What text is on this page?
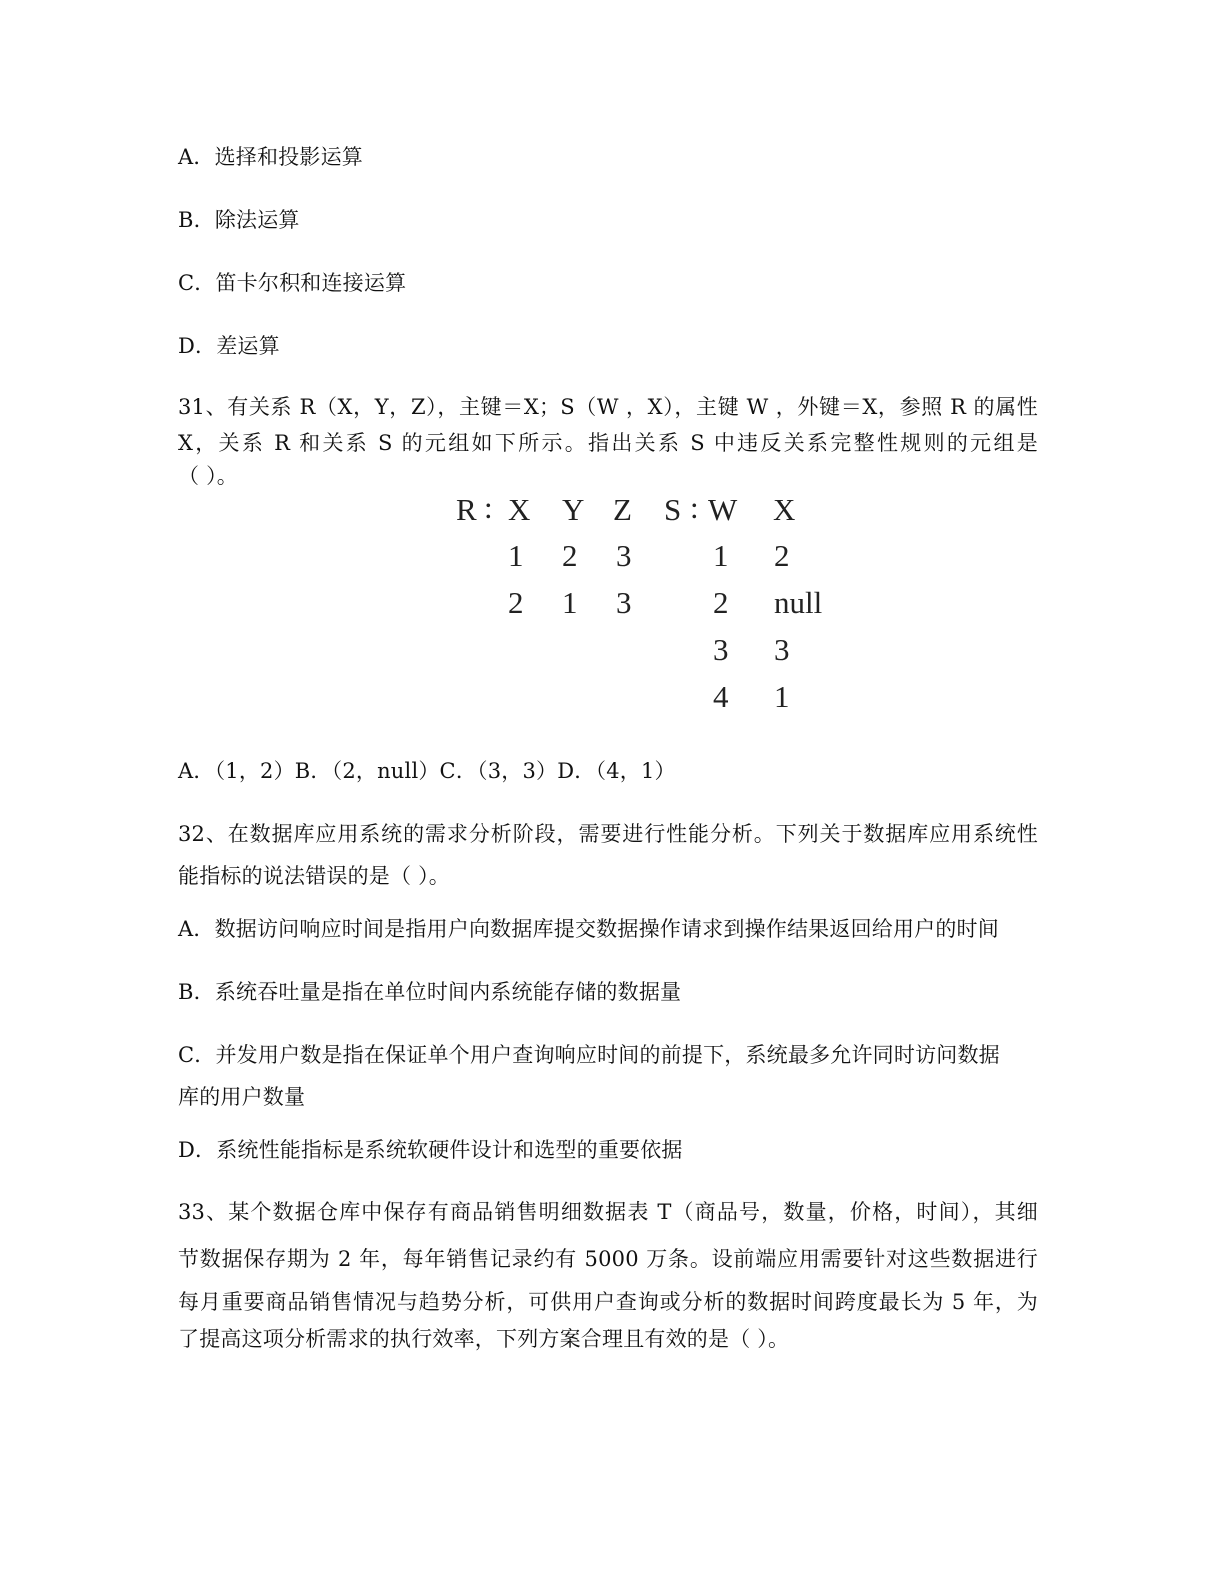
A．选择和投影运算
B．除法运算
C．笛卡尔积和连接运算
D．差运算
31、有关系 R（X，Y，Z），主键＝X；S（W ，X），主键 W ，外键＝X，参照 R 的属性
X，关系 R 和关系 S 的元组如下所示。指出关系 S 中违反关系完整性规则的元组是
（ ）。
R : X Y Z S : W X
1 2 3
2 1 3
1 2
2 null
3 3
4 1
A．（1，2）B．（2，null）C．（3，3）D．（4，1）
32、在数据库应用系统的需求分析阶段，需要进行性能分析。下列关于数据库应用系统性
能指标的说法错误的是（ ）。
A．数据访问响应时间是指用户向数据库提交数据操作请求到操作结果返回给用户的时间
B．系统吞吐量是指在单位时间内系统能存储的数据量
C．并发用户数是指在保证单个用户查询响应时间的前提下，系统最多允许同时访问数据
库的用户数量
D．系统性能指标是系统软硬件设计和选型的重要依据
33、某个数据仓库中保存有商品销售明细数据表 T（商品号，数量，价格，时间），其细
节数据保存期为 2 年，每年销售记录约有 5000 万条。设前端应用需要针对这些数据进行
每月重要商品销售情况与趋势分析，可供用户查询或分析的数据时间跨度最长为 5 年，为
了提高这项分析需求的执行效率，下列方案合理且有效的是（ ）。
